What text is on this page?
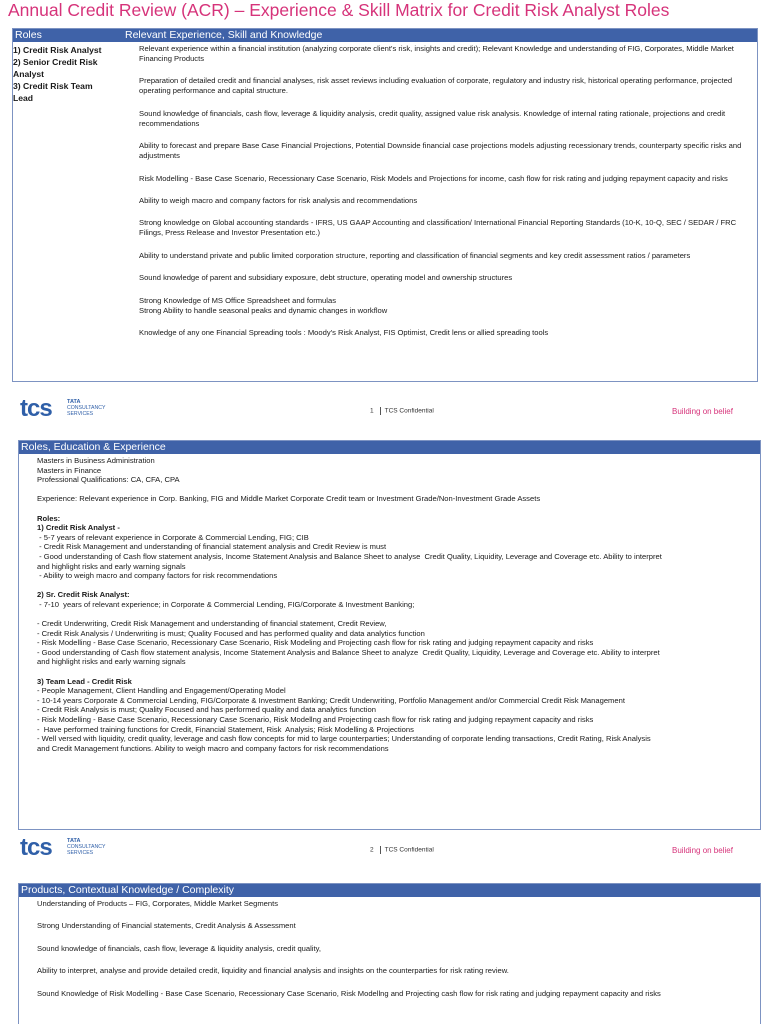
Annual Credit Review (ACR) – Experience & Skill Matrix for Credit Risk Analyst Roles
Roles	Relevant Experience, Skill and Knowledge
1) Credit Risk Analyst
2) Senior Credit Risk
Analyst
3) Credit Risk Team
Lead

Relevant experience within a financial institution (analyzing corporate client's risk, insights and credit); Relevant Knowledge and understanding of FIG, Corporates, Middle Market Financing Products

Preparation of detailed credit and financial analyses, risk asset reviews including evaluation of corporate, regulatory and industry risk, historical operating performance, projected operating performance and capital structure.

Sound knowledge of financials, cash flow, leverage & liquidity analysis, credit quality, assigned value risk analysis. Knowledge of internal rating rationale, projections and credit recommendations

Ability to forecast and prepare Base Case Financial Projections, Potential Downside financial case projections models adjusting recessionary trends, counterparty specific risks and adjustments

Risk Modelling - Base Case Scenario, Recessionary Case Scenario, Risk Models and Projections for income, cash flow for risk rating and judging repayment capacity and risks

Ability to weigh macro and company factors for risk analysis and recommendations

Strong knowledge on Global accounting standards - IFRS, US GAAP Accounting and classification/ International Financial Reporting Standards (10-K, 10-Q, SEC / SEDAR / FRC Filings, Press Release and Investor Presentation etc.)

Ability to understand private and public limited corporation structure, reporting and classification of financial segments and key credit assessment ratios / parameters

Sound knowledge of parent and subsidiary exposure, debt structure, operating model and ownership structures

Strong Knowledge of MS Office Spreadsheet and formulas
Strong Ability to handle seasonal peaks and dynamic changes in workflow

Knowledge of any one Financial Spreading tools : Moody's Risk Analyst, FIS Optimist, Credit lens or allied spreading tools

tcs	TATA
CONSULTANCY
SERVICES	1 TCS Confidential	Building on belief
Roles, Education & Experience
Masters in Business Administration
Masters in Finance
Professional Qualifications: CA, CFA, CPA
Experience: Relevant experience in Corp. Banking, FIG and Middle Market Corporate Credit team or Investment Grade/Non-Investment Grade Assets
Roles:
1) Credit Risk Analyst -
- 5-7 years of relevant experience in Corporate & Commercial Lending, FIG; CIB
- Credit Risk Management and understanding of financial statement analysis and Credit Review is must
- Good understanding of Cash flow statement analysis, Income Statement Analysis and Balance Sheet to analyse  Credit Quality, Liquidity, Leverage and Coverage etc. Ability to interpret
and highlight risks and early warning signals
- Ability to weigh macro and company factors for risk recommendations
2) Sr. Credit Risk Analyst:
- 7-10  years of relevant experience; in Corporate & Commercial Lending, FIG/Corporate & Investment Banking;
- Credit Underwriting, Credit Risk Management and understanding of financial statement, Credit Review,
- Credit Risk Analysis / Underwriting is must; Quality Focused and has performed quality and data analytics function
- Risk Modelling - Base Case Scenario, Recessionary Case Scenario, Risk Modeling and Projecting cash flow for risk rating and judging repayment capacity and risks
- Good understanding of Cash flow statement analysis, Income Statement Analysis and Balance Sheet to analyze  Credit Quality, Liquidity, Leverage and Coverage etc. Ability to interpret
and highlight risks and early warning signals
3) Team Lead - Credit Risk
- People Management, Client Handling and Engagement/Operating Model
- 10-14 years Corporate & Commercial Lending, FIG/Corporate & Investment Banking; Credit Underwriting, Portfolio Management and/or Commercial Credit Risk Management
- Credit Risk Analysis is must; Quality Focused and has performed quality and data analytics function
- Risk Modelling - Base Case Scenario, Recessionary Case Scenario, Risk Modellng and Projecting cash flow for risk rating and judging repayment capacity and risks
-  Have performed training functions for Credit, Financial Statement, Risk  Analysis; Risk Modelling & Projections
- Well versed with liquidity, credit quality, leverage and cash flow concepts for mid to large counterparties; Understanding of corporate lending transactions, Credit Rating, Risk Analysis
and Credit Management functions. Ability to weigh macro and company factors for risk recommendations
tcs	TATA
CONSULTANCY
SERVICES	2 TCS Confidential	Building on belief
Products, Contextual Knowledge / Complexity

Understanding of Products – FIG, Corporates, Middle Market Segments

Strong Understanding of Financial statements, Credit Analysis & Assessment

Sound knowledge of financials, cash flow, leverage & liquidity analysis, credit quality,

Ability to interpret, analyse and provide detailed credit, liquidity and financial analysis and insights on the counterparties for risk rating review.

Sound Knowledge of Risk Modelling - Base Case Scenario, Recessionary Case Scenario, Risk Modellng and Projecting cash flow for risk rating and judging repayment capacity and risks
